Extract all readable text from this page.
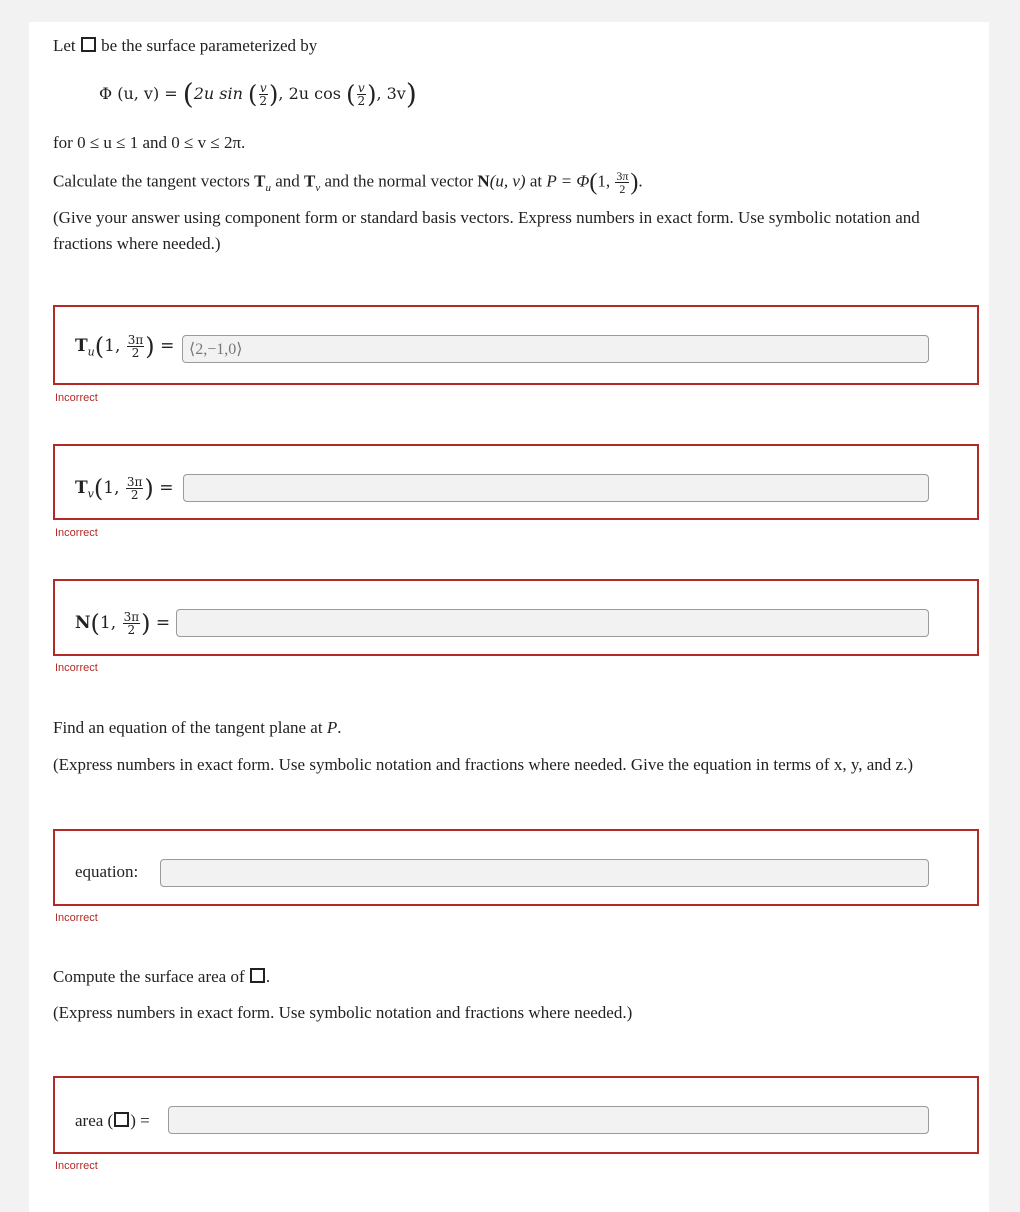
Let be the surface parameterized by
Φ (u, v) = (2u sin ( $\frac{v}{2}$ ), 2u cos ( $\frac{v}{2}$ ), 3v)
for 0 ≤ u ≤ 1 and 0 ≤ v ≤ 2π.
Calculate the tangent vectors $T_u$ and $T_v$ and the normal vector N(u, v) at P = Φ(1, $\frac{3\pi}{2}$ ).
(Give your answer using component form or standard basis vectors. Express numbers in exact form. Use symbolic notation and fractions where needed.)
$T_u(1$, $\frac{3\pi}{2}$ ) = ⟨2,−1,0⟩
Incorrect
$T_v(1$, $\frac{3\pi}{2}$ ) =
Incorrect
N(1, $\frac{3\pi}{2}$ ) =
Incorrect
Find an equation of the tangent plane at P.
(Express numbers in exact form. Use symbolic notation and fractions where needed. Give the equation in terms of x, y, and z.)
equation:
Incorrect
Compute the surface area of .
(Express numbers in exact form. Use symbolic notation and fractions where needed.)
area ( ) =
Incorrect
